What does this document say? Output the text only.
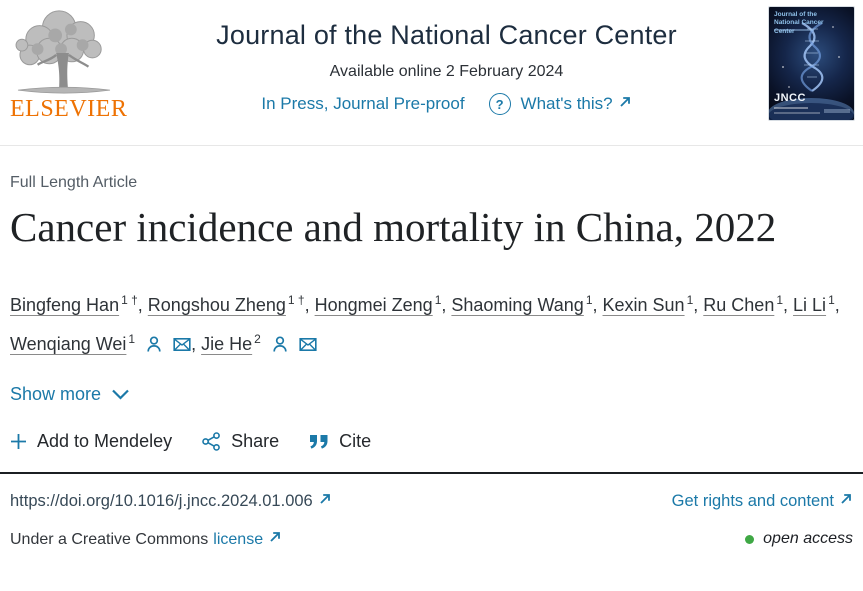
ELSEVIER
Journal of the National Cancer Center
Available online 2 February 2024
In Press, Journal Pre-proof	?	What's this?
Journal of the National Cancer Center
JNCC
Full Length Article
Cancer incidence and mortality in China, 2022
Bingfeng Han $^{1 \dagger}$, Rongshou Zheng $^{1 \dagger}$, Hongmei Zeng $^1$, Shaoming Wang $^1$, Kexin Sun $^1$, Ru Chen $^1$, Li Li $^1$, Wenqiang Wei $^1$	, Jie He $^2$
Show more
Add to Mendeley	Share	Cite
https://doi.org/10.1016/j.jncc.2024.01.006	Get rights and content
Under a Creative Commons license	open access
